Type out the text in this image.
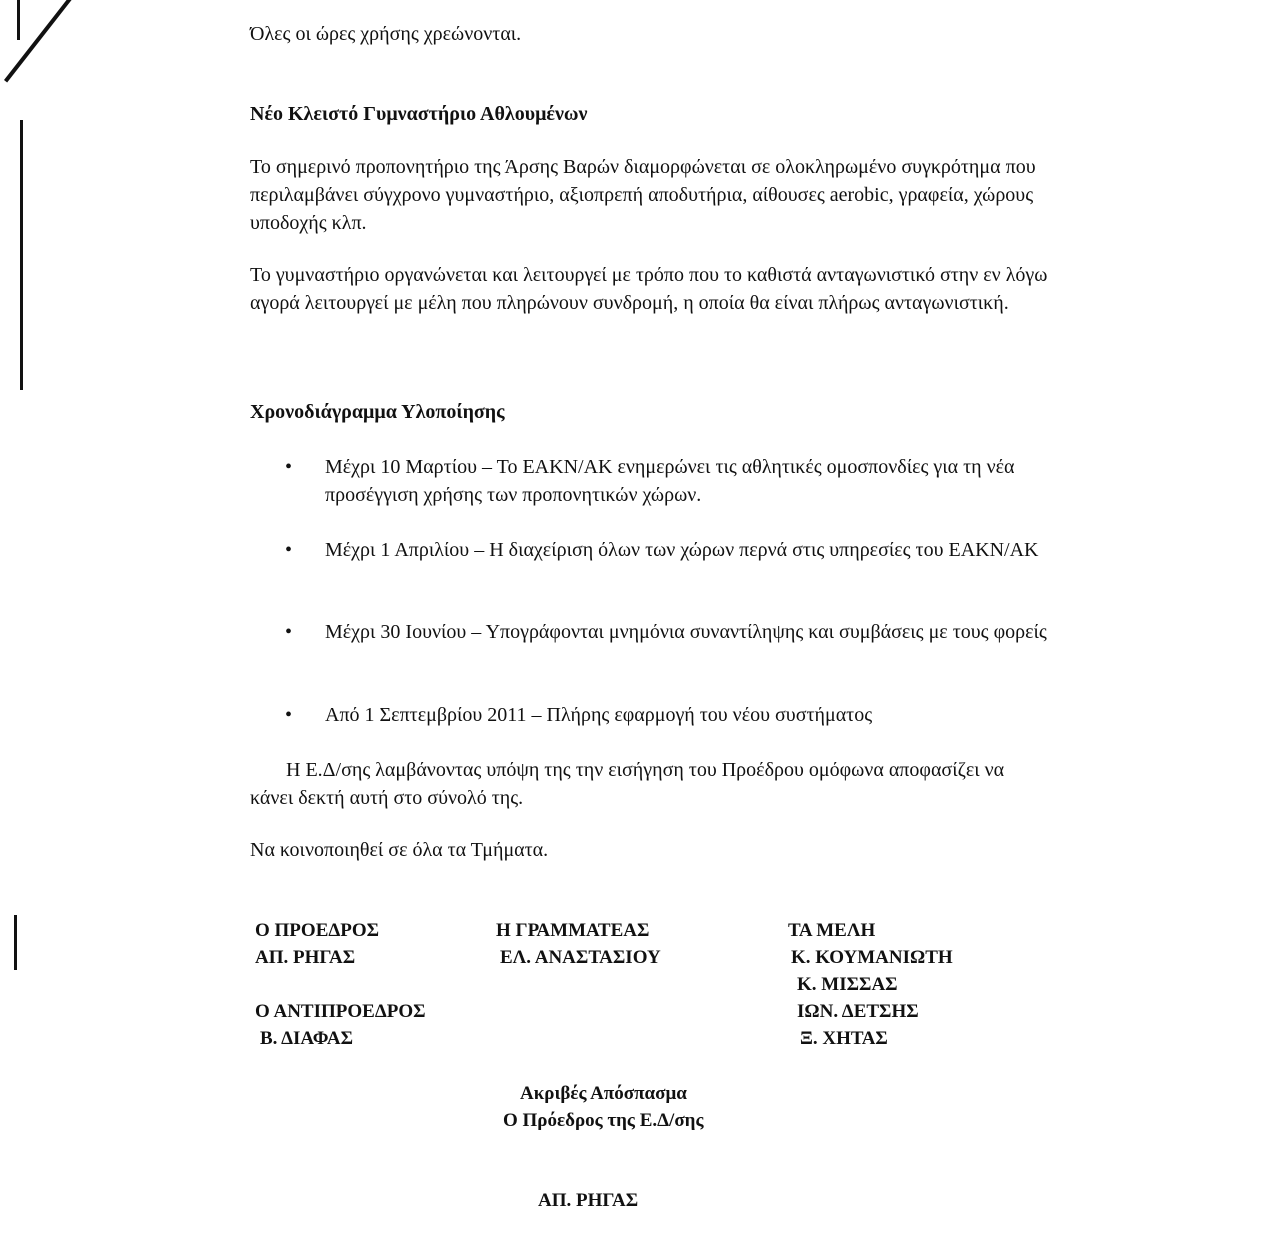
Όλες οι ώρες χρήσης χρεώνονται.
Νέο Κλειστό Γυμναστήριο Αθλουμένων
Το σημερινό προπονητήριο της Άρσης Βαρών διαμορφώνεται σε ολοκληρωμένο συγκρότημα που περιλαμβάνει σύγχρονο γυμναστήριο, αξιοπρεπή αποδυτήρια, αίθουσες aerobic, γραφεία, χώρους υποδοχής κλπ.
Το γυμναστήριο οργανώνεται και λειτουργεί με τρόπο που το καθιστά ανταγωνιστικό στην εν λόγω αγορά λειτουργεί με μέλη που πληρώνουν συνδρομή, η οποία θα είναι πλήρως ανταγωνιστική.
Χρονοδιάγραμμα Υλοποίησης
• Μέχρι 10 Μαρτίου – Το ΕΑΚΝ/ΑΚ ενημερώνει τις αθλητικές ομοσπονδίες για τη νέα προσέγγιση χρήσης των προπονητικών χώρων.
• Μέχρι 1 Απριλίου – Η διαχείριση όλων των χώρων περνά στις υπηρεσίες του ΕΑΚΝ/ΑΚ
• Μέχρι 30 Ιουνίου – Υπογράφονται μνημόνια συναντίληψης και συμβάσεις με τους φορείς
• Από 1 Σεπτεμβρίου 2011 – Πλήρης εφαρμογή του νέου συστήματος
Η Ε.Δ/σης λαμβάνοντας υπόψη της την εισήγηση του Προέδρου ομόφωνα αποφασίζει να κάνει δεκτή αυτή στο σύνολό της.
Να κοινοποιηθεί σε όλα τα Τμήματα.
Ο ΠΡΟΕΔΡΟΣ
ΑΠ. ΡΗΓΑΣ
Η ΓΡΑΜΜΑΤΕΑΣ
ΕΛ. ΑΝΑΣΤΑΣΙΟΥ
ΤΑ ΜΕΛΗ
Κ. ΚΟΥΜΑΝΙΩΤΗ
Κ. ΜΙΣΣΑΣ
ΙΩΝ. ΔΕΤΣΗΣ
Ξ. ΧΗΤΑΣ
Ο ΑΝΤΙΠΡΟΕΔΡΟΣ
Β. ΔΙΑΦΑΣ
Ακριβές Απόσπασμα
Ο Πρόεδρος της Ε.Δ/σης
ΑΠ. ΡΗΓΑΣ
